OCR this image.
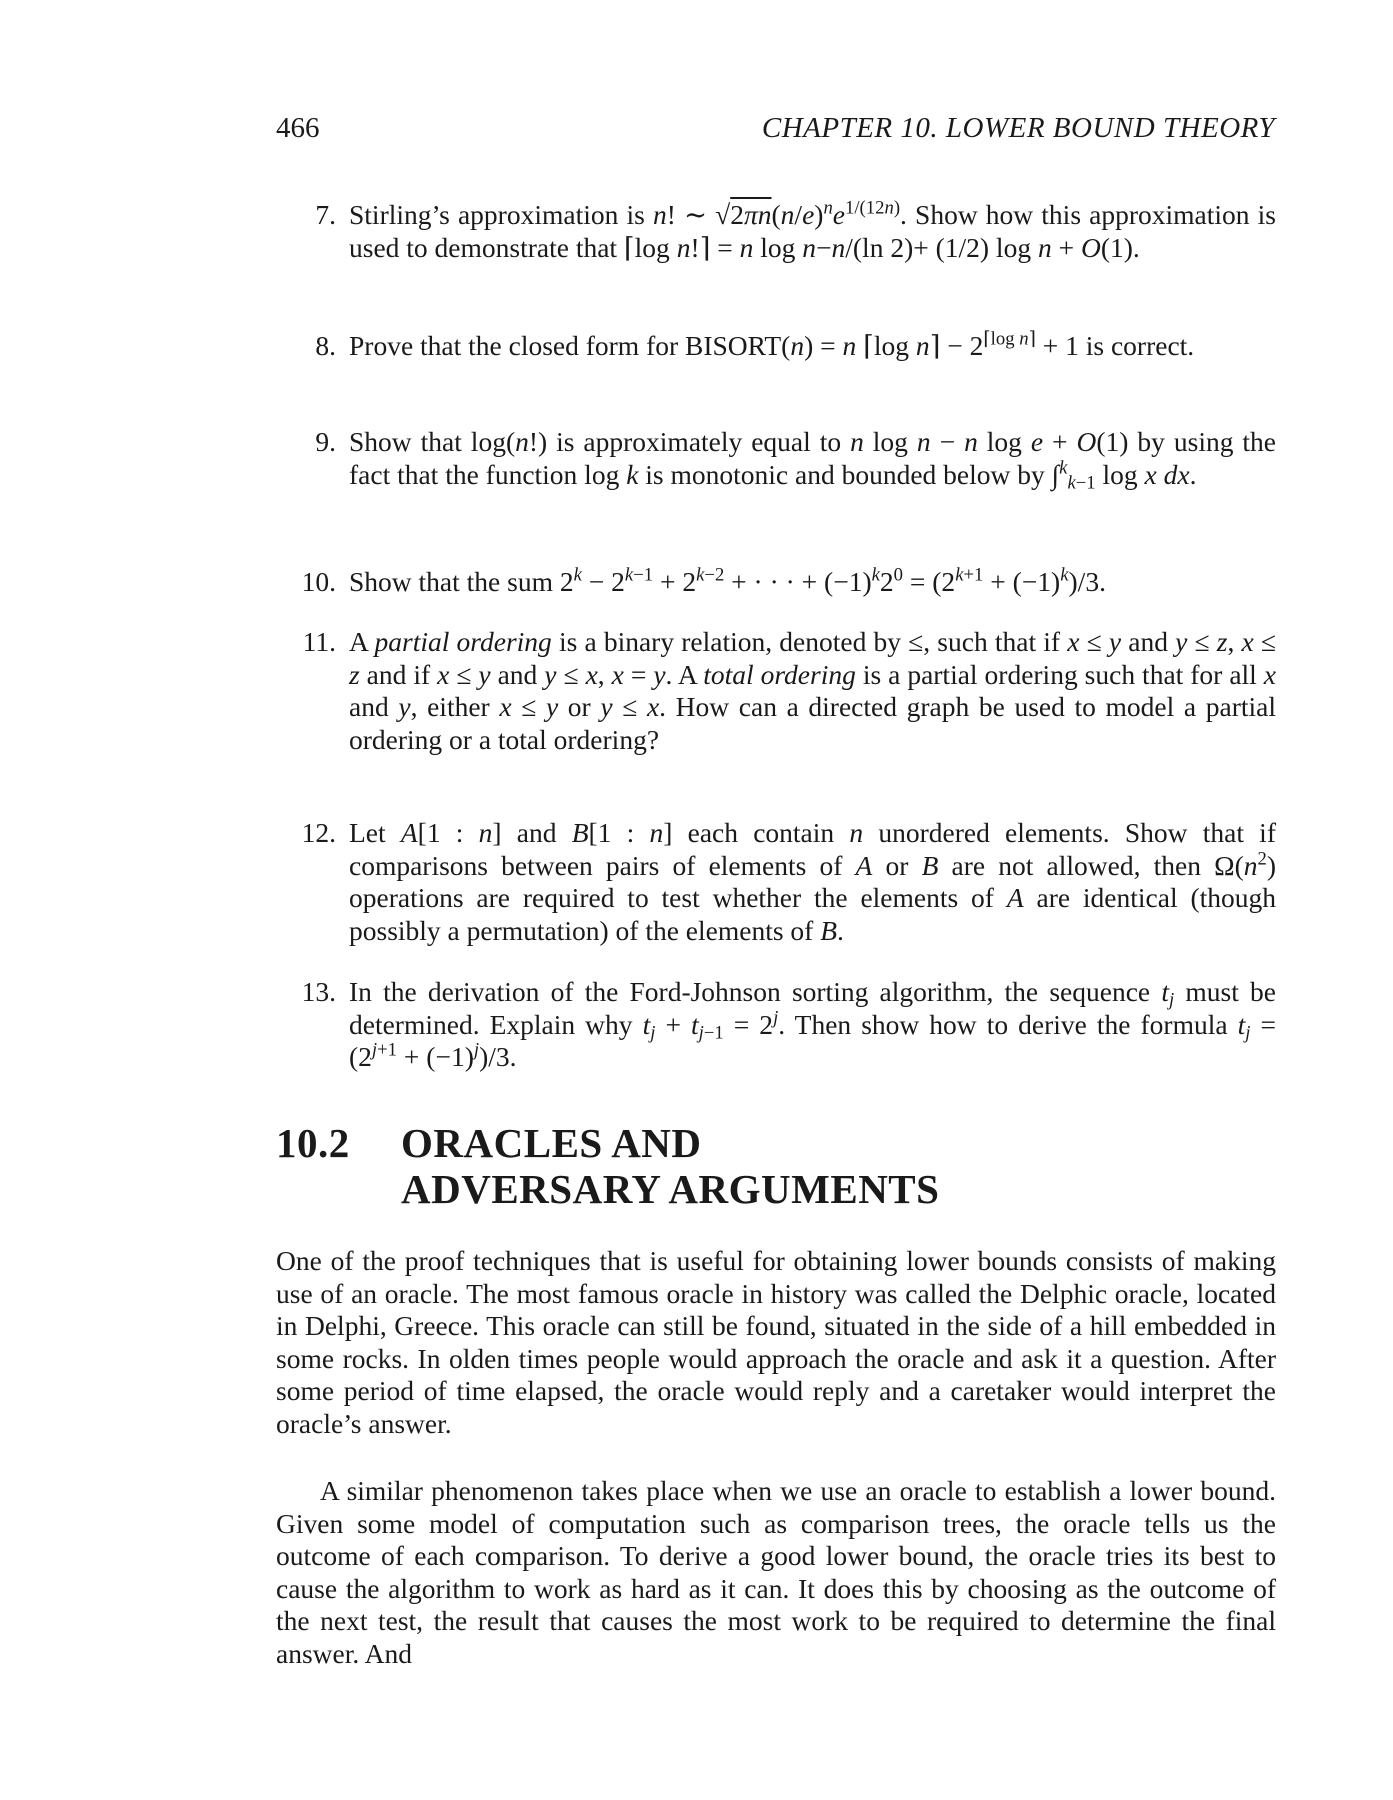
466	CHAPTER 10. LOWER BOUND THEORY
7. Stirling’s approximation is n! ∼ $√2\pi n(n/e)^ne^{1/(12n)}$. Show how this approximation is used to demonstrate that ⌈log n!⌉ = n log n−n/(ln 2)+ (1/2) log n + O(1).
8. Prove that the closed form for BISORT(n) = n ⌈log n⌉ − $2^{⌈log n⌉} + 1$ is correct.
9. Show that log(n!) is approximately equal to n log n − n log e + O(1) by using the fact that the function log k is monotonic and bounded below by ∫$^k_{k-1}$ log x dx.
10. Show that the sum $2^k - 2^{k-1} + 2^{k-2}$ + · · · + $(-1)^k2^0 = (2^{k+1} + (-1)^k)/3$.
11. A partial ordering is a binary relation, denoted by ≤, such that if x ≤ y and y ≤ z, x ≤ z and if x ≤ y and y ≤ x, x = y. A total ordering is a partial ordering such that for all x and y, either x ≤ y or y ≤ x. How can a directed graph be used to model a partial ordering or a total ordering?
12. Let A[1 : n] and B[1 : n] each contain n unordered elements. Show that if comparisons between pairs of elements of A or B are not allowed, then $\Omega(n^2)$ operations are required to test whether the elements of A are identical (though possibly a permutation) of the elements of B.
13. In the derivation of the Ford-Johnson sorting algorithm, the sequence $t_j$ must be determined. Explain why $t_j + t_{j-1} = 2^j$. Then show how to derive the formula $t_j = (2^{j+1} + (-1)^j)/3$.
10.2 ORACLES AND
ADVERSARY ARGUMENTS
One of the proof techniques that is useful for obtaining lower bounds consists of making use of an oracle. The most famous oracle in history was called the Delphic oracle, located in Delphi, Greece. This oracle can still be found, situated in the side of a hill embedded in some rocks. In olden times people would approach the oracle and ask it a question. After some period of time elapsed, the oracle would reply and a caretaker would interpret the oracle’s answer.
A similar phenomenon takes place when we use an oracle to establish a lower bound. Given some model of computation such as comparison trees, the oracle tells us the outcome of each comparison. To derive a good lower bound, the oracle tries its best to cause the algorithm to work as hard as it can. It does this by choosing as the outcome of the next test, the result that causes the most work to be required to determine the final answer. And
